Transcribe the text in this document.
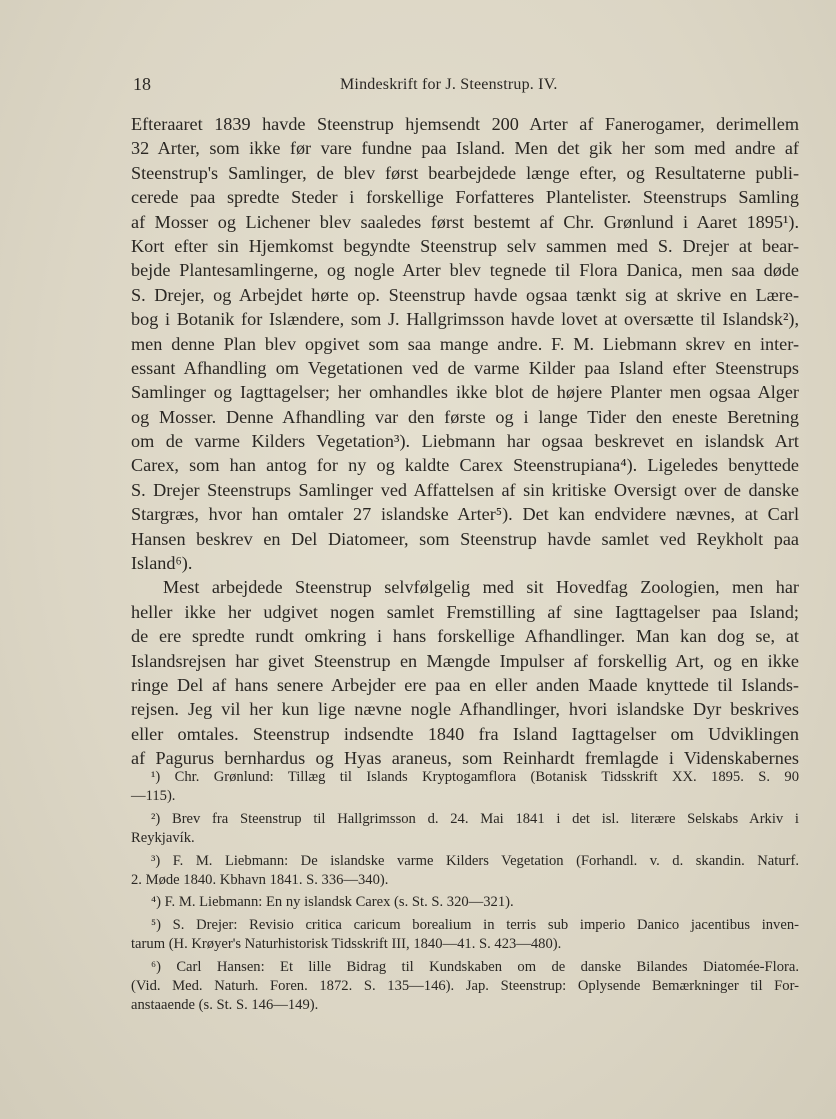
18	Mindeskrift for J. Steenstrup. IV.
Efteraaret 1839 havde Steenstrup hjemsendt 200 Arter af Fanerogamer, derimellem
32 Arter, som ikke før vare fundne paa Island. Men det gik her som med andre af
Steenstrup's Samlinger, de blev først bearbejdede længe efter, og Resultaterne publi-
cerede paa spredte Steder i forskellige Forfatteres Plantelister. Steenstrups Samling
af Mosser og Lichener blev saaledes først bestemt af Chr. Grønlund i Aaret 1895¹).
Kort efter sin Hjemkomst begyndte Steenstrup selv sammen med S. Drejer at bear-
bejde Plantesamlingerne, og nogle Arter blev tegnede til Flora Danica, men saa døde
S. Drejer, og Arbejdet hørte op. Steenstrup havde ogsaa tænkt sig at skrive en Lære-
bog i Botanik for Islændere, som J. Hallgrimsson havde lovet at oversætte til Islandsk²),
men denne Plan blev opgivet som saa mange andre. F. M. Liebmann skrev en inter-
essant Afhandling om Vegetationen ved de varme Kilder paa Island efter Steenstrups
Samlinger og Iagttagelser; her omhandles ikke blot de højere Planter men ogsaa Alger
og Mosser. Denne Afhandling var den første og i lange Tider den eneste Beretning
om de varme Kilders Vegetation³). Liebmann har ogsaa beskrevet en islandsk Art
Carex, som han antog for ny og kaldte Carex Steenstrupiana⁴). Ligeledes benyttede
S. Drejer Steenstrups Samlinger ved Affattelsen af sin kritiske Oversigt over de danske
Stargræs, hvor han omtaler 27 islandske Arter⁵). Det kan endvidere nævnes, at Carl
Hansen beskrev en Del Diatomeer, som Steenstrup havde samlet ved Reykholt paa
Island⁶).
Mest arbejdede Steenstrup selvfølgelig med sit Hovedfag Zoologien, men har
heller ikke her udgivet nogen samlet Fremstilling af sine Iagttagelser paa Island;
de ere spredte rundt omkring i hans forskellige Afhandlinger. Man kan dog se, at
Islandsrejsen har givet Steenstrup en Mængde Impulser af forskellig Art, og en ikke
ringe Del af hans senere Arbejder ere paa en eller anden Maade knyttede til Islands-
rejsen. Jeg vil her kun lige nævne nogle Afhandlinger, hvori islandske Dyr beskrives
eller omtales. Steenstrup indsendte 1840 fra Island Iagttagelser om Udviklingen
af Pagurus bernhardus og Hyas araneus, som Reinhardt fremlagde i Videnskabernes
¹) Chr. Grønlund: Tillæg til Islands Kryptogamflora (Botanisk Tidsskrift XX. 1895. S. 90
—115).
²) Brev fra Steenstrup til Hallgrimsson d. 24. Mai 1841 i det isl. literære Selskabs Arkiv i
Reykjavík.
³) F. M. Liebmann: De islandske varme Kilders Vegetation (Forhandl. v. d. skandin. Naturf.
2. Møde 1840. Kbhavn 1841. S. 336—340).
⁴) F. M. Liebmann: En ny islandsk Carex (s. St. S. 320—321).
⁵) S. Drejer: Revisio critica caricum borealium in terris sub imperio Danico jacentibus inven-
tarum (H. Krøyer's Naturhistorisk Tidsskrift III, 1840—41. S. 423—480).
⁶) Carl Hansen: Et lille Bidrag til Kundskaben om de danske Bilandes Diatomée-Flora.
(Vid. Med. Naturh. Foren. 1872. S. 135—146). Jap. Steenstrup: Oplysende Bemærkninger til For-
anstaaende (s. St. S. 146—149).
